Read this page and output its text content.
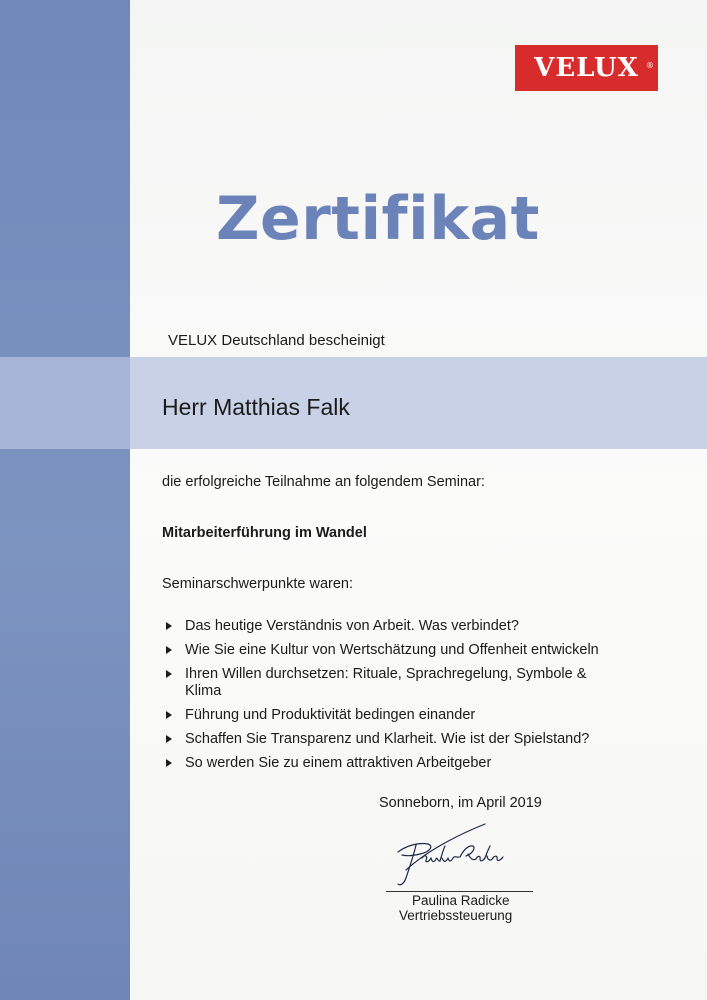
VELUX ®
Zertifikat
VELUX Deutschland bescheinigt
Herr Matthias Falk
die erfolgreiche Teilnahme an folgendem Seminar:
Mitarbeiterführung im Wandel
Seminarschwerpunkte waren:
Das heutige Verständnis von Arbeit. Was verbindet?
Wie Sie eine Kultur von Wertschätzung und Offenheit entwickeln
Ihren Willen durchsetzen: Rituale, Sprachregelung, Symbole & Klima
Führung und Produktivität bedingen einander
Schaffen Sie Transparenz und Klarheit. Wie ist der Spielstand?
So werden Sie zu einem attraktiven Arbeitgeber
Sonneborn, im April 2019
Paulina Radicke
Vertriebssteuerung
